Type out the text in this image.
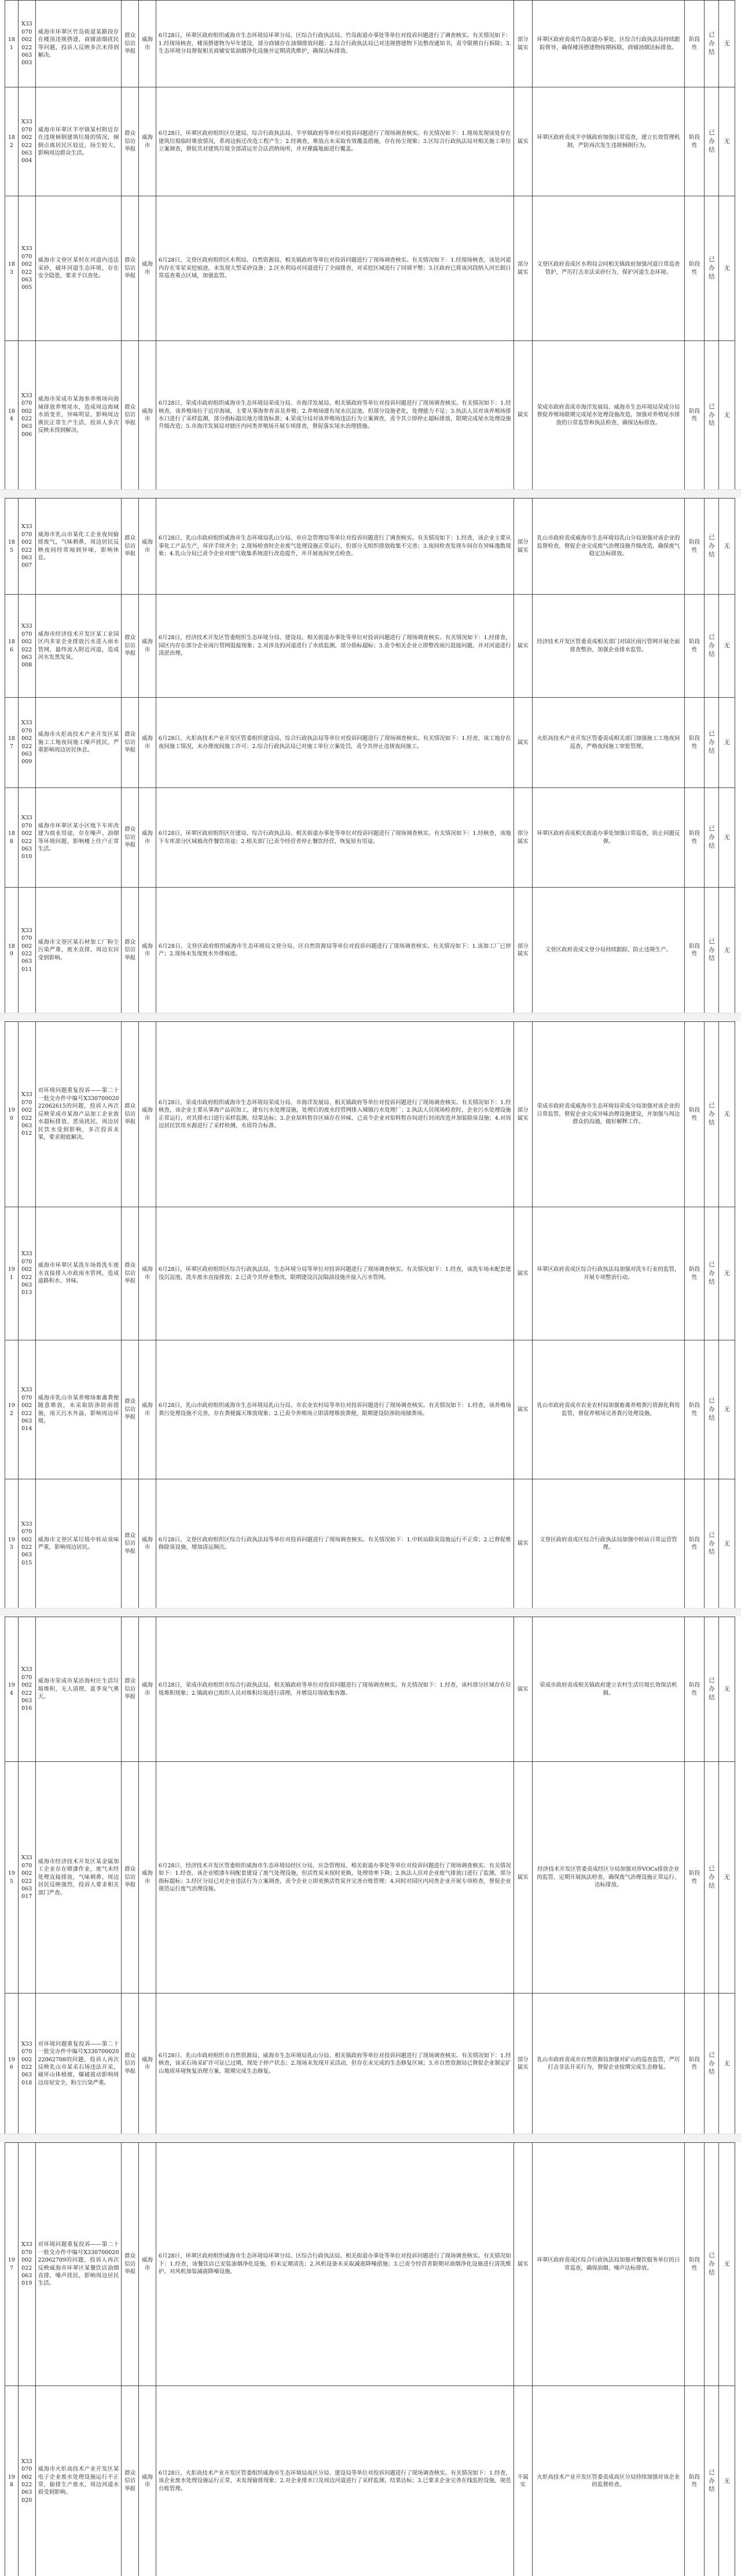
181	X33070002022063003	威海市环翠区竹岛街道某路段存在楼顶违规搭建，商铺油烟扰民等问题，投诉人反映多次未得到解决。	群众信访举报	威海市	6月28日，环翠区政府组织威海市生态环境局环翠分局、区综合行政执法局、竹岛街道办事处等单位对投诉问题进行了调查核实。有关情况如下：1.经现场核查，楼顶搭建物为早年建设，部分商铺存在油烟排放问题；2.综合行政执法局已对违规搭建物下达整改通知书，责令限期自行拆除；3.生态环境分局督促相关商铺安装油烟净化设施并定期清洗维护，确保达标排放。	部分属实	环翠区政府责成竹岛街道办事处、区综合行政执法局持续跟踪督导，确保楼顶搭建物按期拆除，商铺油烟达标排放。	阶段性	已办结	无
182	X33070002022063004	威海市环翠区羊亭镇某村附近存在违规倾倒建筑垃圾的情况，倾倒点离居民区较近，扬尘较大，影响周边群众生活。	群众信访举报	威海市	6月28日，环翠区政府组织区住建局、综合行政执法局、羊亭镇政府等单位对投诉问题进行了现场调查核实。有关情况如下：1.现场发现该处存在建筑垃圾临时堆放情况，系周边拆迁改造工程产生；2.经调查，堆放点未采取有效覆盖措施，存在扬尘现象；3.区综合行政执法局对相关施工单位立案调查，督促其对建筑垃圾全部清运至合法消纳场所，并对裸露地面进行覆盖。	属实	环翠区政府责成羊亭镇政府加强日常巡查，建立长效管理机制，严防再次发生违规倾倒行为。	阶段性	已办结	无
183	X33070002022063005	威海市文登区某村在河道内违法采砂，破坏河道生态环境，存在安全隐患，要求予以查处。	群众信访举报	威海市	6月28日，文登区政府组织区水利局、自然资源局、相关镇政府等单位对投诉问题进行了现场调查核实。有关情况如下：1.经现场核查，该处河道内存在零星采挖痕迹，未发现大型采砂设备；2.区水利局对河道进行了全面排查，对采挖区域进行了回填平整；3.区政府已将该河段纳入河长制日常巡查重点区域，加强监管。	部分属实	文登区政府责成区水利局会同相关镇政府加强河道日常巡查管护，严厉打击非法采砂行为，保护河道生态环境。	阶段性	已办结	无
184	X33070002022063006	威海市荣成市某海参养殖场向海域排放养殖尾水，造成周边海域水质变差，异味明显，影响周边渔民正常生产生活，投诉人多次反映未得到解决。	群众信访举报	威海市	6月28日，荣成市政府组织威海市生态环境局荣成分局、市海洋发展局、相关镇政府等单位对投诉问题进行了现场调查核实。有关情况如下：1.经核查，该养殖场位于近岸海域，主要从事海参育苗及养殖；2.养殖场建有尾水沉淀池，但部分设施老化，处理能力不足；3.执法人员对该养殖场排水口进行了采样监测，部分指标超出地方排放标准；4.荣成分局对该养殖场违法行为立案调查，责令其立即停止超标排放，限期完成尾水处理设施升级改造；5.市海洋发展局对辖区内同类养殖场开展专项排查，督促落实尾水治理措施。	属实	荣成市政府责成市海洋发展局、威海市生态环境局荣成分局督促养殖场限期完成尾水处理设施改造，加强对养殖尾水排放的日常监管和执法检查，确保达标排放。	阶段性	已办结	无
185	X33070002022063007	威海市乳山市某化工企业夜间偷排废气，气味刺鼻，周边居民反映夜间经常闻到异味，影响休息。	群众信访举报	威海市	6月28日，乳山市政府组织威海市生态环境局乳山分局、市应急管理局等单位对投诉问题进行了调查核实。有关情况如下：1.经查，该企业主要从事化工产品生产，环评手续齐全；2.现场检查时企业废气处理设施正常运行，但部分无组织排放收集不完善；3.夜间检查发现车间存在异味逸散现象；4.乳山分局已责令企业对废气收集系统进行改造提升，并开展夜间突击检查。	部分属实	乳山市政府责成威海市生态环境局乳山分局加强对该企业的监督检查，督促企业完成废气治理设施升级改造，确保废气稳定达标排放。	阶段性	已办结	无
186	X33070002022063008	威海市经济技术开发区某工业园区内多家企业排放污水进入雨水管网，最终流入附近河道，造成河水发黑发臭。	群众信访举报	威海市	6月28日，经济技术开发区管委组织生态环境分局、建设局、相关街道办事处等单位对投诉问题进行了现场调查核实。有关情况如下：1.经排查，园区内存在部分企业雨污管网混接现象；2.对涉及的河道进行了水质监测，部分指标超标；3.责令相关企业立即整改雨污混接问题，并对河道进行清淤治理。	属实	经济技术开发区管委责成相关部门对园区雨污管网开展全面排查整治，加强企业排水监管。	阶段性	已办结	无
187	X33070002022063009	威海市火炬高技术产业开发区某施工工地夜间施工噪声扰民，严重影响周边居民休息。	群众信访举报	威海市	6月28日，火炬高技术产业开发区管委组织建设局、综合行政执法局等单位对投诉问题进行了现场调查核实。有关情况如下：1.经查，该工地存在夜间施工情况，未办理夜间施工许可；2.综合行政执法局已对施工单位立案处罚，责令其停止违规夜间施工。	属实	火炬高技术产业开发区管委责成相关部门加强施工工地夜间巡查，严格夜间施工审批管理。	阶段性	已办结	无
188	X33070002022063010	威海市环翠区某小区地下车库改建为商业用途，存在噪声、油烟等环境问题，影响楼上住户正常生活。	群众信访举报	威海市	6月28日，环翠区政府组织区住建局、综合行政执法局、相关街道办事处等单位对投诉问题进行了现场调查核实。有关情况如下：1.经核查，该地下车库部分区域被改作餐饮用途；2.相关部门已责令经营者停止餐饮经营，恢复原有用途。	部分属实	环翠区政府责成相关街道办事处加强日常巡查，防止问题反弹。	阶段性	已办结	无
189	X33070002022063011	威海市文登区某石材加工厂粉尘污染严重，废水直排，周边农田受到影响。	群众信访举报	威海市	6月28日，文登区政府组织威海市生态环境局文登分局、区自然资源局等单位对投诉问题进行了现场调查核实。有关情况如下：1.该加工厂已停产；2.现场未发现废水外排痕迹。	部分属实	文登区政府责成文登分局持续跟踪，防止违规生产。	阶段性	已办结	无
190	X33070002022063012	对环境问题重复投诉——第二十一批交办件中编号X33070002022062615的问题，投诉人再次反映荣成市某海产品加工企业废水超标排放、恶臭扰民，周边居民饮水受到影响，多次投诉未果，要求彻底解决。	群众信访举报	威海市	6月28日，荣成市政府组织威海市生态环境局荣成分局、市海洋发展局、相关镇政府等单位对投诉问题进行了现场调查核实。有关情况如下：1.经核查，该企业主要从事海产品初加工，建有污水处理设施，处理后的废水经管网排入城镇污水处理厂；2.执法人员现场检查时，企业污水处理设施正常运行，对其排水口进行采样监测，结果达标；3.企业原料暂存区域存在异味，已责令企业对原料暂存间进行封闭改造并加装除臭设施；4.对周边居民饮用水源进行了采样检测，水质符合标准。	部分属实	荣成市政府责成威海市生态环境局荣成分局加强对该企业的日常监管，督促企业完成异味治理设施建设，并加强与周边群众的沟通，做好解释工作。	阶段性	已办结	无
191	X33070002022063013	威海市环翠区某洗车场将洗车废水直接排入市政雨水管网，造成道路积水、异味。	群众信访举报	威海市	6月28日，环翠区政府组织区综合行政执法局、生态环境分局等单位对投诉问题进行了现场调查核实。有关情况如下：1.经查，该洗车场未配套建设沉淀池，洗车废水直接排放；2.已责令其停业整改，限期建设沉淀隔油设施并接入污水管网。	属实	环翠区政府责成区综合行政执法局加强对洗车行业的监管，开展专项整治行动。	阶段性	已办结	无
192	X33070002022063014	威海市乳山市某养殖场畜禽粪便随意堆放，未采取防渗防雨措施，雨天污水外溢，影响周边环境。	群众信访举报	威海市	6月28日，乳山市政府组织威海市生态环境局乳山分局、市农业农村局等单位对投诉问题进行了现场调查核实。有关情况如下：1.经查，该养殖场粪污处理设施不完善，存在粪便露天堆放现象；2.已责令养殖场立即清理堆放粪便，限期建设防渗防雨储粪场。	属实	乳山市政府责成市农业农村局加强畜禽养殖粪污资源化利用监管，督促养殖场完善粪污处理设施。	阶段性	已办结	无
193	X33070002022063015	威海市文登区某垃圾中转站臭味严重，影响周边居民。	群众信访举报	威海市	6月28日，文登区政府组织区综合行政执法局等单位对投诉问题进行了现场调查核实。有关情况如下：1.中转站除臭设施运行不正常；2.已督促维修除臭设施，增加清运频次。	属实	文登区政府责成区综合行政执法局加强中转站日常运营管理。	阶段性	已办结	无
194	X33070002022063016	威海市荣成市某沿海村庄生活垃圾堆积，无人清理，夏季臭气熏天。	群众信访举报	威海市	6月28日，荣成市政府组织市综合行政执法局、相关镇政府等单位对投诉问题进行了现场调查核实。有关情况如下：1.经查，该村部分区域存在垃圾堆积现象；2.镇政府已组织人员对堆积垃圾进行清理，并增设垃圾收集容器。	属实	荣成市政府责成相关镇政府建立农村生活垃圾长效保洁机制。	阶段性	已办结	无
195	X33070002022063017	威海市经济技术开发区某金属加工企业存在喷漆作业，废气未经处理直接排放，气味刺鼻，周边居民反映强烈，投诉人要求相关部门严查。	群众信访举报	威海市	6月28日，经济技术开发区管委组织威海市生态环境局经区分局、应急管理局、相关街道办事处等单位对投诉问题进行了现场调查核实。有关情况如下：1.经查，该企业喷漆车间配套建设了废气处理设施，但活性炭未按时更换，处理效率下降；2.执法人员对企业废气排放口进行了监测，部分指标超标；3.经区分局已对企业违法行为立案调查，责令企业立即更换活性炭并完善台账管理；4.同时对园区内同类企业开展专项检查，督促企业规范运行废气治理设施。	属实	经济技术开发区管委责成经区分局加强对涉VOCs排放企业的监管，定期开展执法检查，确保废气治理设施正常运行、达标排放。	阶段性	已办结	无
196	X33070002022063018	对环境问题重复投诉——第二十一批交办件中编号X33070002022062708的问题，投诉人再次反映乳山市某采石场违法开采，破坏山体植被，爆破震动影响周边房屋安全，粉尘污染严重。	群众信访举报	威海市	6月28日，乳山市政府组织市自然资源局、威海市生态环境局乳山分局、相关镇政府等单位对投诉问题进行了现场调查核实。有关情况如下：1.经核查，该采石场采矿许可证已过期，现处于停产状态；2.现场未发现开采活动，但存在未完成的生态修复区域；3.市自然资源局已督促企业制定矿山地质环境恢复治理方案，限期完成生态修复。	部分属实	乳山市政府责成市自然资源局加强对矿山的巡查监管，严厉打击非法开采行为，督促企业按期完成生态修复。	阶段性	已办结	无
197	X33070002022063019	对环境问题重复投诉——第二十一批交办件中编号X33070002022062709的问题，投诉人再次反映威海市环翠区某餐饮店油烟直排，噪声扰民，影响周边居民生活。	群众信访举报	威海市	6月28日，环翠区政府组织威海市生态环境局环翠分局、区综合行政执法局、相关街道办事处等单位对投诉问题进行了现场调查核实。有关情况如下：1.经查，该餐饮店已安装油烟净化设施，但未定期清洗；2.风机设备未采取减震降噪措施；3.已责令经营者限期对油烟净化设施进行清洗维护，对风机加装减震降噪设施。	属实	环翠区政府责成区综合行政执法局加强对餐饮服务单位的日常巡查，确保油烟、噪声达标排放。	阶段性	已办结	无
198	X33070002022063020	威海市火炬高技术产业开发区某电子企业废水处理设施运行不正常，偷排生产废水，周边河道水质受到影响。	群众信访举报	威海市	6月28日，火炬高技术产业开发区管委组织威海市生态环境局高区分局、建设局等单位对投诉问题进行了现场调查核实。有关情况如下：1.经查，该企业废水处理设施运行正常，未发现偷排现象；2.对企业排水口及周边河道进行了采样监测，结果达标；3.已要求企业完善在线监控设施，规范台账管理。	不属实	火炬高技术产业开发区管委责成高区分局持续加强对该企业的监督检查。	阶段性	已办结	无
